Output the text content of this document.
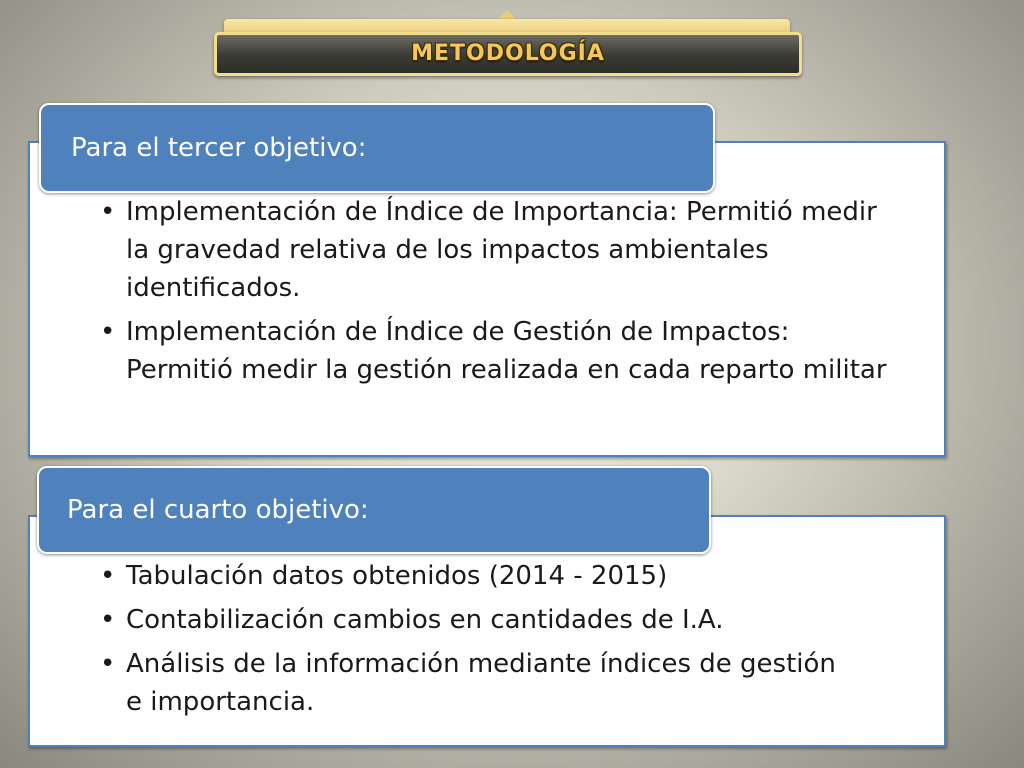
METODOLOGÍA
Para el tercer objetivo:
• Implementación de Índice de Importancia: Permitió medir la gravedad relativa de los impactos ambientales identificados.
• Implementación de Índice de Gestión de Impactos: Permitió medir la gestión realizada en cada reparto militar
Para el cuarto objetivo:
• Tabulación datos obtenidos (2014 - 2015)
• Contabilización cambios en cantidades de I.A.
• Análisis de la información mediante índices de gestión e importancia.
